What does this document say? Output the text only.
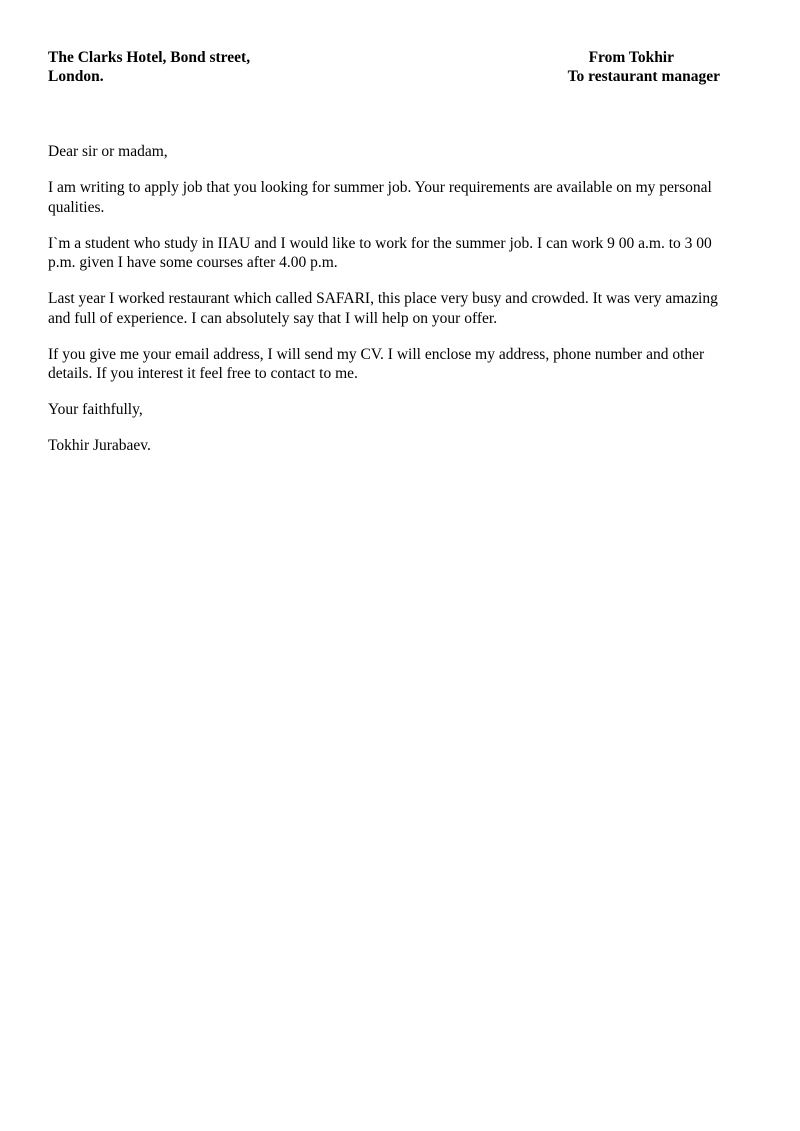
The Clarks Hotel, Bond street,
London.
From Tokhir
To restaurant manager

Dear sir or madam,

I am writing to apply job that you looking for summer job. Your requirements are available on my personal qualities.

I`m a student who study in IIAU and I would like to work for the summer job. I can work 9 00 a.m. to 3 00 p.m. given I have some courses after 4.00 p.m.

Last year I worked restaurant which called SAFARI, this place very busy and crowded. It was very amazing and full of experience. I can absolutely say that I will help on your offer.

If you give me your email address, I will send my CV. I will enclose my address, phone number and other details. If you interest it feel free to contact to me.

Your faithfully,

Tokhir Jurabaev.
